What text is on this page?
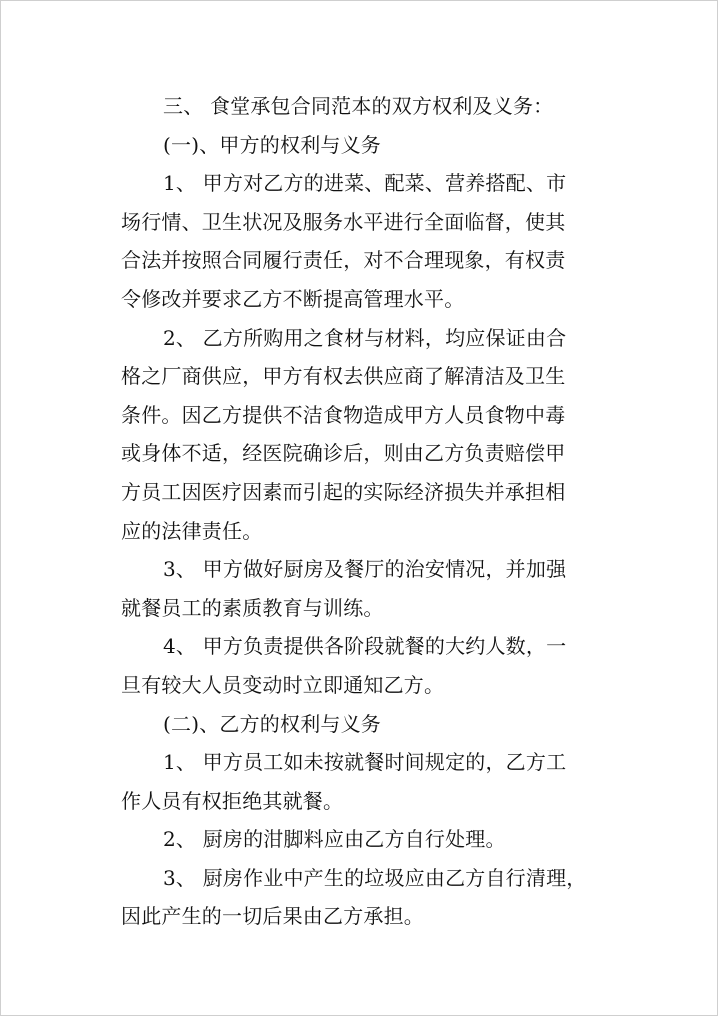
三、 食堂承包合同范本的双方权利及义务：
(一)、甲方的权利与义务
1、 甲方对乙方的进菜、配菜、营养搭配、市
场行情、卫生状况及服务水平进行全面临督，使其
合法并按照合同履行责任，对不合理现象，有权责
令修改并要求乙方不断提高管理水平。
2、 乙方所购用之食材与材料，均应保证由合
格之厂商供应，甲方有权去供应商了解清洁及卫生
条件。因乙方提供不洁食物造成甲方人员食物中毒
或身体不适，经医院确诊后，则由乙方负责赔偿甲
方员工因医疗因素而引起的实际经济损失并承担相
应的法律责任。
3、 甲方做好厨房及餐厅的治安情况，并加强
就餐员工的素质教育与训练。
4、 甲方负责提供各阶段就餐的大约人数，一
旦有较大人员变动时立即通知乙方。
(二)、乙方的权利与义务
1、 甲方员工如未按就餐时间规定的，乙方工
作人员有权拒绝其就餐。
2、 厨房的泔脚料应由乙方自行处理。
3、 厨房作业中产生的垃圾应由乙方自行清理，
因此产生的一切后果由乙方承担。
